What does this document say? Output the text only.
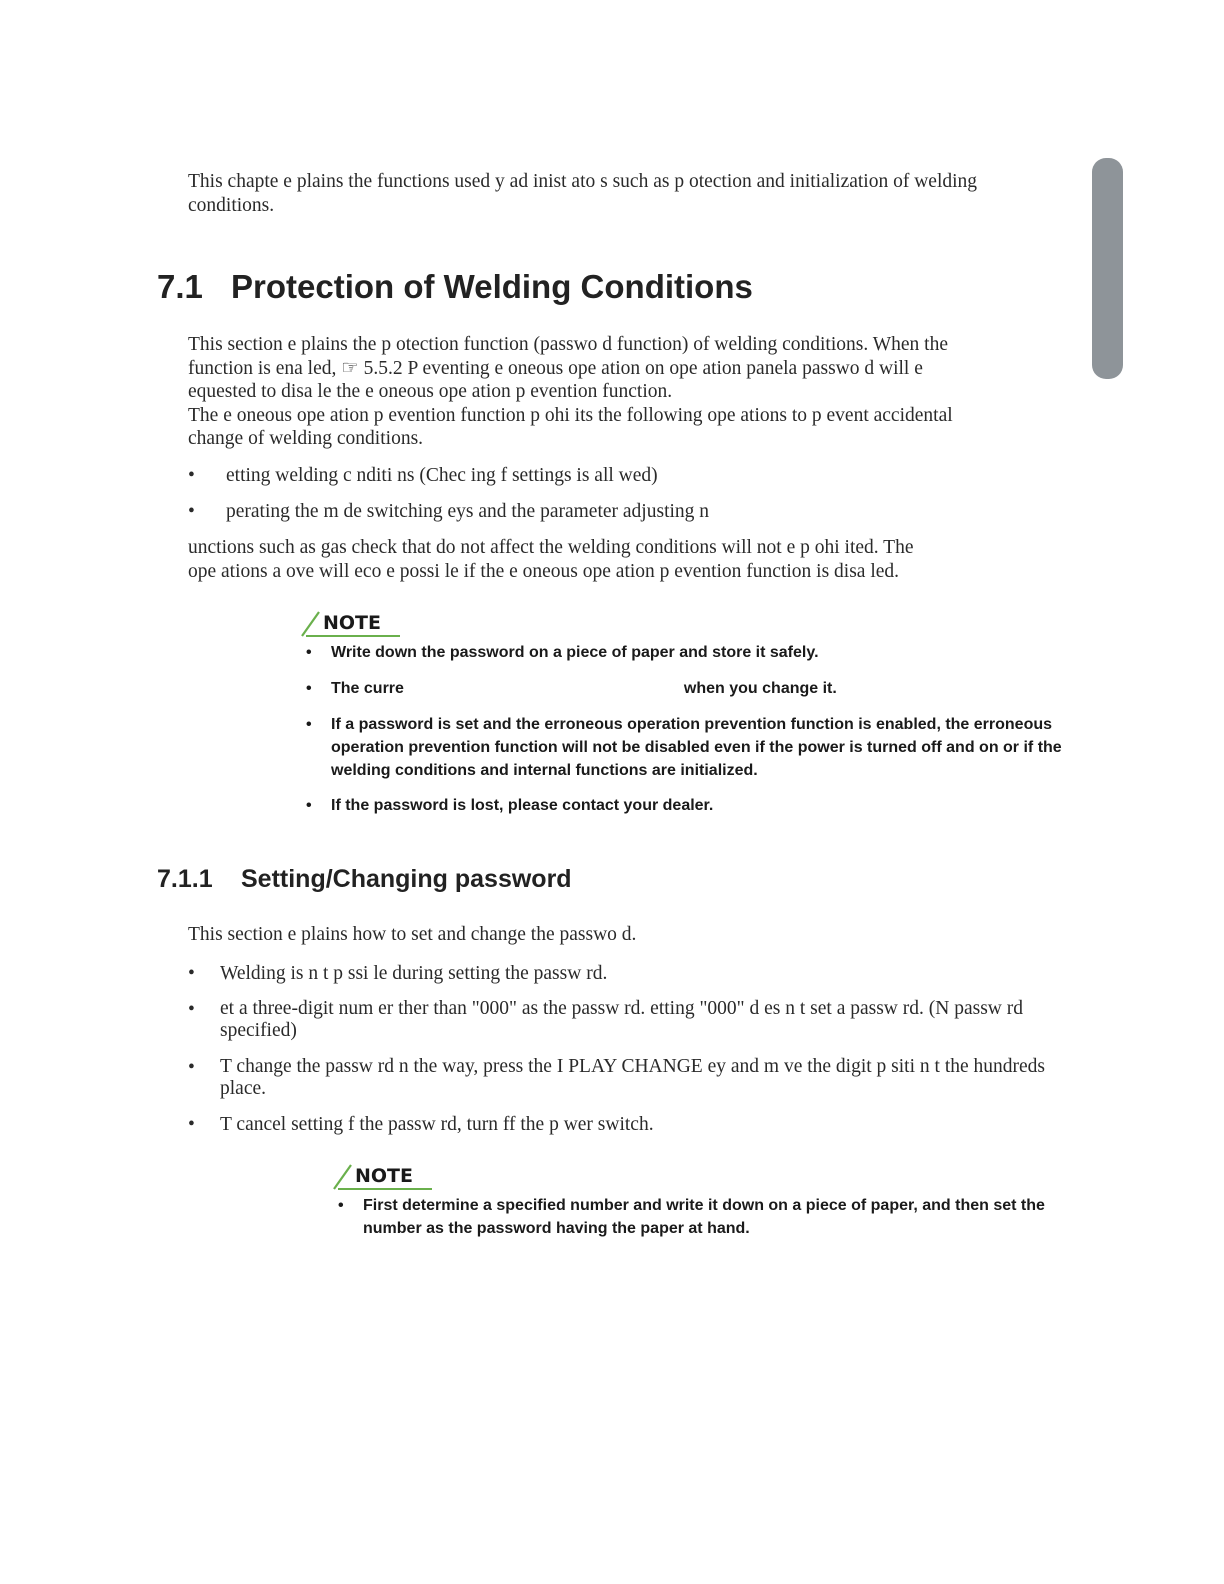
This chapte e plains the functions used y ad inist ato s such as p otection and initialization of welding conditions.

7.1 Protection of Welding Conditions
This section e plains the p otection function (passwo d function) of welding conditions. When the
function is ena led, ☞ 5.5.2 P eventing e oneous ope ation on ope ation panela passwo d will e
equested to disa le the e oneous ope ation p evention function.
The e oneous ope ation p evention function p ohi its the following ope ations to p event accidental
change of welding conditions.
• etting welding c nditi ns (Chec ing f settings is all wed)
• perating the m de switching eys and the parameter adjusting n
unctions such as gas check that do not affect the welding conditions will not e p ohi ited. The
ope ations a ove will eco e possi le if the e oneous ope ation p evention function is disa led.
NOTE
• Write down the password on a piece of paper and store it safely.
• The curre	when you change it.
• If a password is set and the erroneous operation prevention function is enabled, the erroneous operation prevention function will not be disabled even if the power is turned off and on or if the welding conditions and internal functions are initialized.
• If the password is lost, please contact your dealer.
7.1.1 Setting/Changing password

This section e plains how to set and change the passwo d.

• Welding is n t p ssi le during setting the passw rd.
• et a three-digit num er ther than "000" as the passw rd. etting "000" d es n t set a passw rd. (N passw rd specified)
• T change the passw rd n the way, press the I PLAY CHANGE ey and m ve the digit p siti n t the hundreds place.
• T cancel setting f the passw rd, turn ff the p wer switch.
NOTE
• First determine a specified number and write it down on a piece of paper, and then set the number as the password having the paper at hand.
